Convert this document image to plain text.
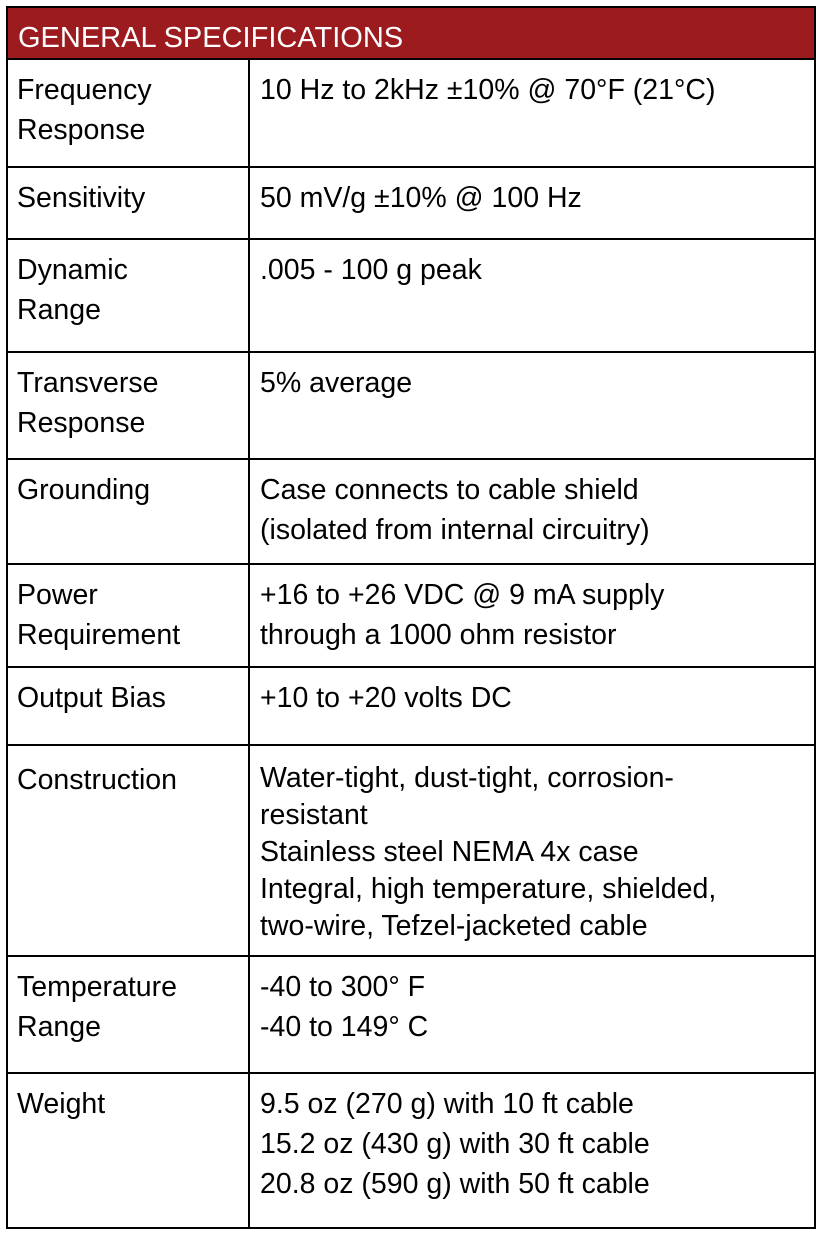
GENERAL SPECIFICATIONS	

Frequency
Response	10 Hz to 2kHz ±10% @ 70°F (21°C)

Sensitivity	50 mV/g ±10% @ 100 Hz

Dynamic
Range	.005 - 100 g peak

Transverse
Response	5% average

Grounding	Case connects to cable shield
(isolated from internal circuitry)

Power
Requirement	+16 to +26 VDC @ 9 mA supply
through a 1000 ohm resistor

Output Bias	+10 to +20 volts DC

Construction	Water-tight, dust-tight, corrosion-
resistant
Stainless steel NEMA 4x case
Integral, high temperature, shielded,
two-wire, Tefzel-jacketed cable

Temperature
Range	-40 to 300° F
-40 to 149° C

Weight	9.5 oz (270 g) with 10 ft cable
15.2 oz (430 g) with 30 ft cable
20.8 oz (590 g) with 50 ft cable
